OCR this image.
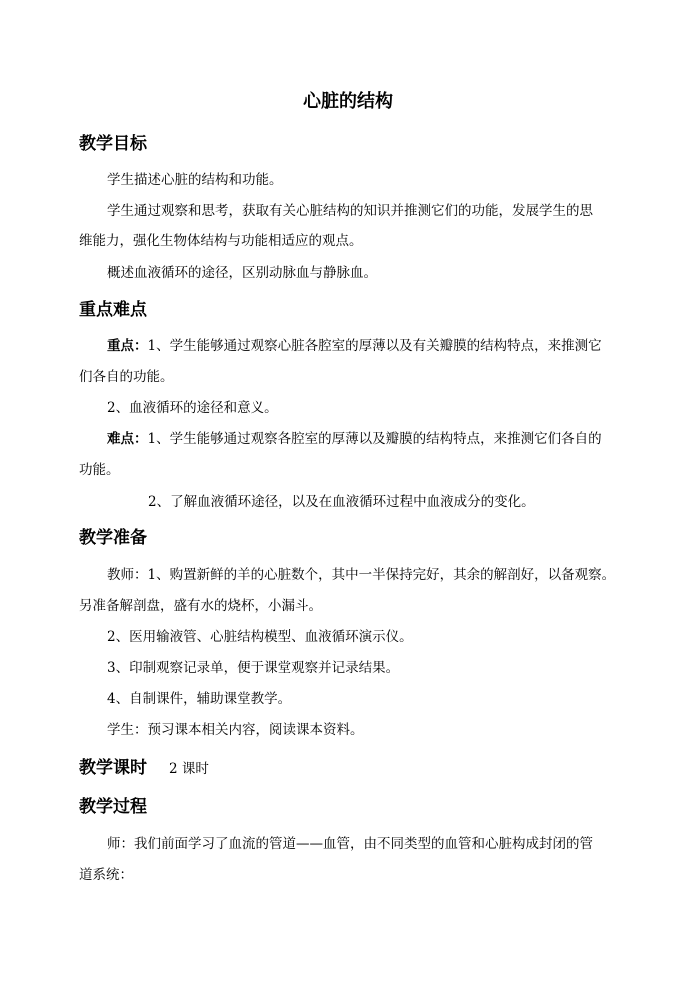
心脏的结构
教学目标
学生描述心脏的结构和功能。
学生通过观察和思考，获取有关心脏结构的知识并推测它们的功能，发展学生的思
维能力，强化生物体结构与功能相适应的观点。
概述血液循环的途径，区别动脉血与静脉血。
重点难点
重点：1、学生能够通过观察心脏各腔室的厚薄以及有关瓣膜的结构特点，来推测它
们各自的功能。
2、血液循环的途径和意义。
难点：1、学生能够通过观察各腔室的厚薄以及瓣膜的结构特点，来推测它们各自的
功能。
2、了解血液循环途径，以及在血液循环过程中血液成分的变化。
教学准备
教师：1、购置新鲜的羊的心脏数个，其中一半保持完好，其余的解剖好，以备观察。
另准备解剖盘，盛有水的烧杯，小漏斗。
2、医用输液管、心脏结构模型、血液循环演示仪。
3、印制观察记录单，便于课堂观察并记录结果。
4、自制课件，辅助课堂教学。
学生：预习课本相关内容，阅读课本资料。
教学课时 2 课时
教学过程
师：我们前面学习了血流的管道——血管，由不同类型的血管和心脏构成封闭的管
道系统：
